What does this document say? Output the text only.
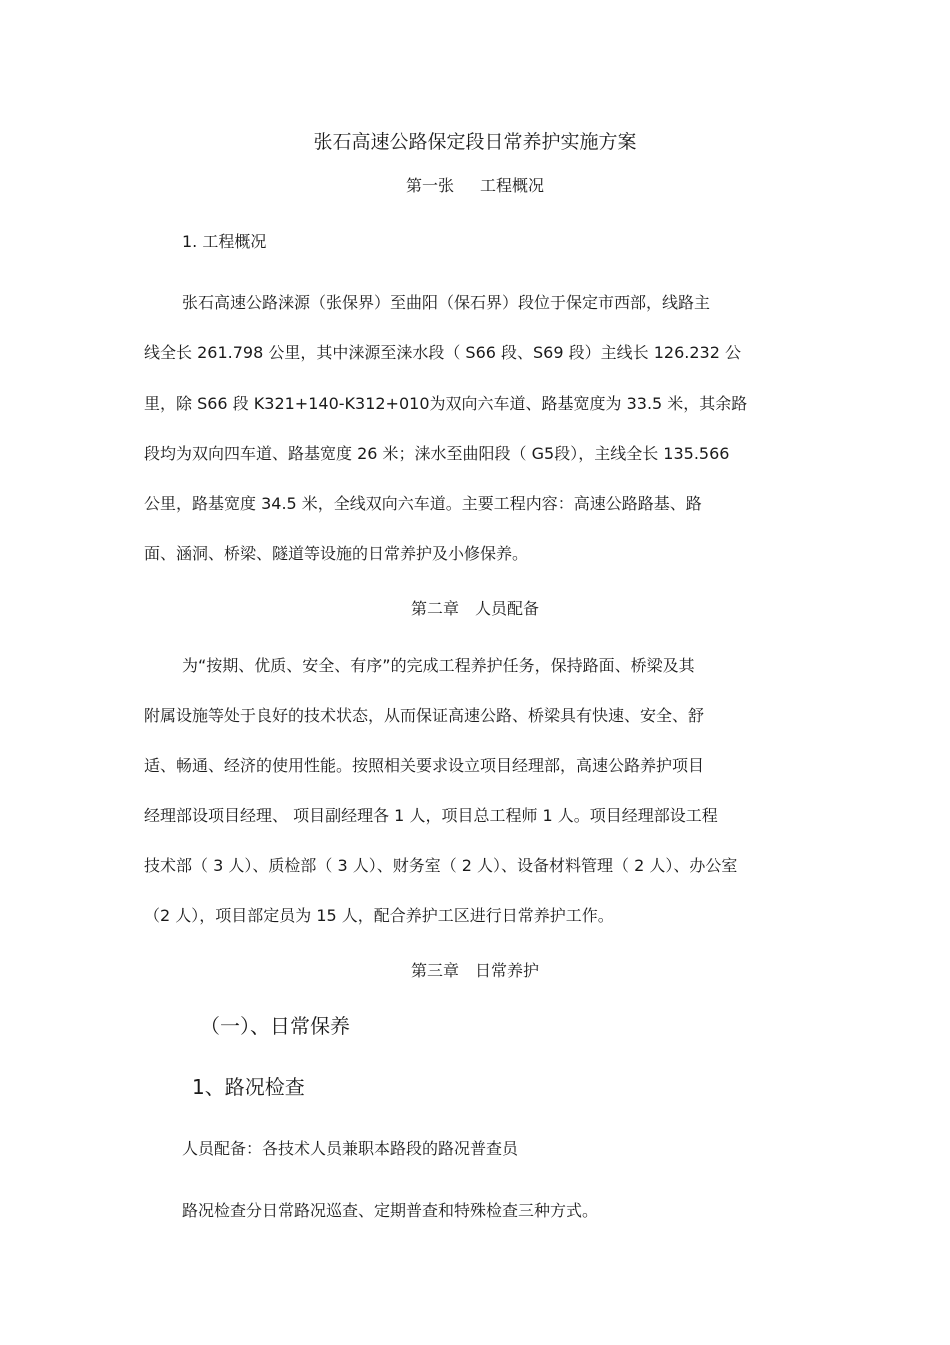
张石高速公路保定段日常养护实施方案
第一张 工程概况
1. 工程概况
张石高速公路涞源（张保界）至曲阳（保石界）段位于保定市西部，线路主
线全长 261.798 公里，其中涞源至涞水段（ S66 段、S69 段）主线长 126.232 公
里，除 S66 段 K321+140-K312+010为双向六车道、路基宽度为 33.5 米，其余路
段均为双向四车道、路基宽度 26 米；涞水至曲阳段（ G5段），主线全长 135.566
公里，路基宽度 34.5 米，全线双向六车道。主要工程内容：高速公路路基、路
面、涵洞、桥梁、隧道等设施的日常养护及小修保养。
第二章 人员配备
为“按期、优质、安全、有序”的完成工程养护任务，保持路面、桥梁及其
附属设施等处于良好的技术状态，从而保证高速公路、桥梁具有快速、安全、舒
适、畅通、经济的使用性能。按照相关要求设立项目经理部，高速公路养护项目
经理部设项目经理、 项目副经理各 1 人，项目总工程师 1 人。项目经理部设工程
技术部（ 3 人）、质检部（ 3 人）、财务室（ 2 人）、设备材料管理（ 2 人）、办公室
（2 人），项目部定员为 15 人，配合养护工区进行日常养护工作。
第三章 日常养护
（一）、日常保养
1、路况检查
人员配备：各技术人员兼职本路段的路况普查员
路况检查分日常路况巡查、定期普查和特殊检查三种方式。
